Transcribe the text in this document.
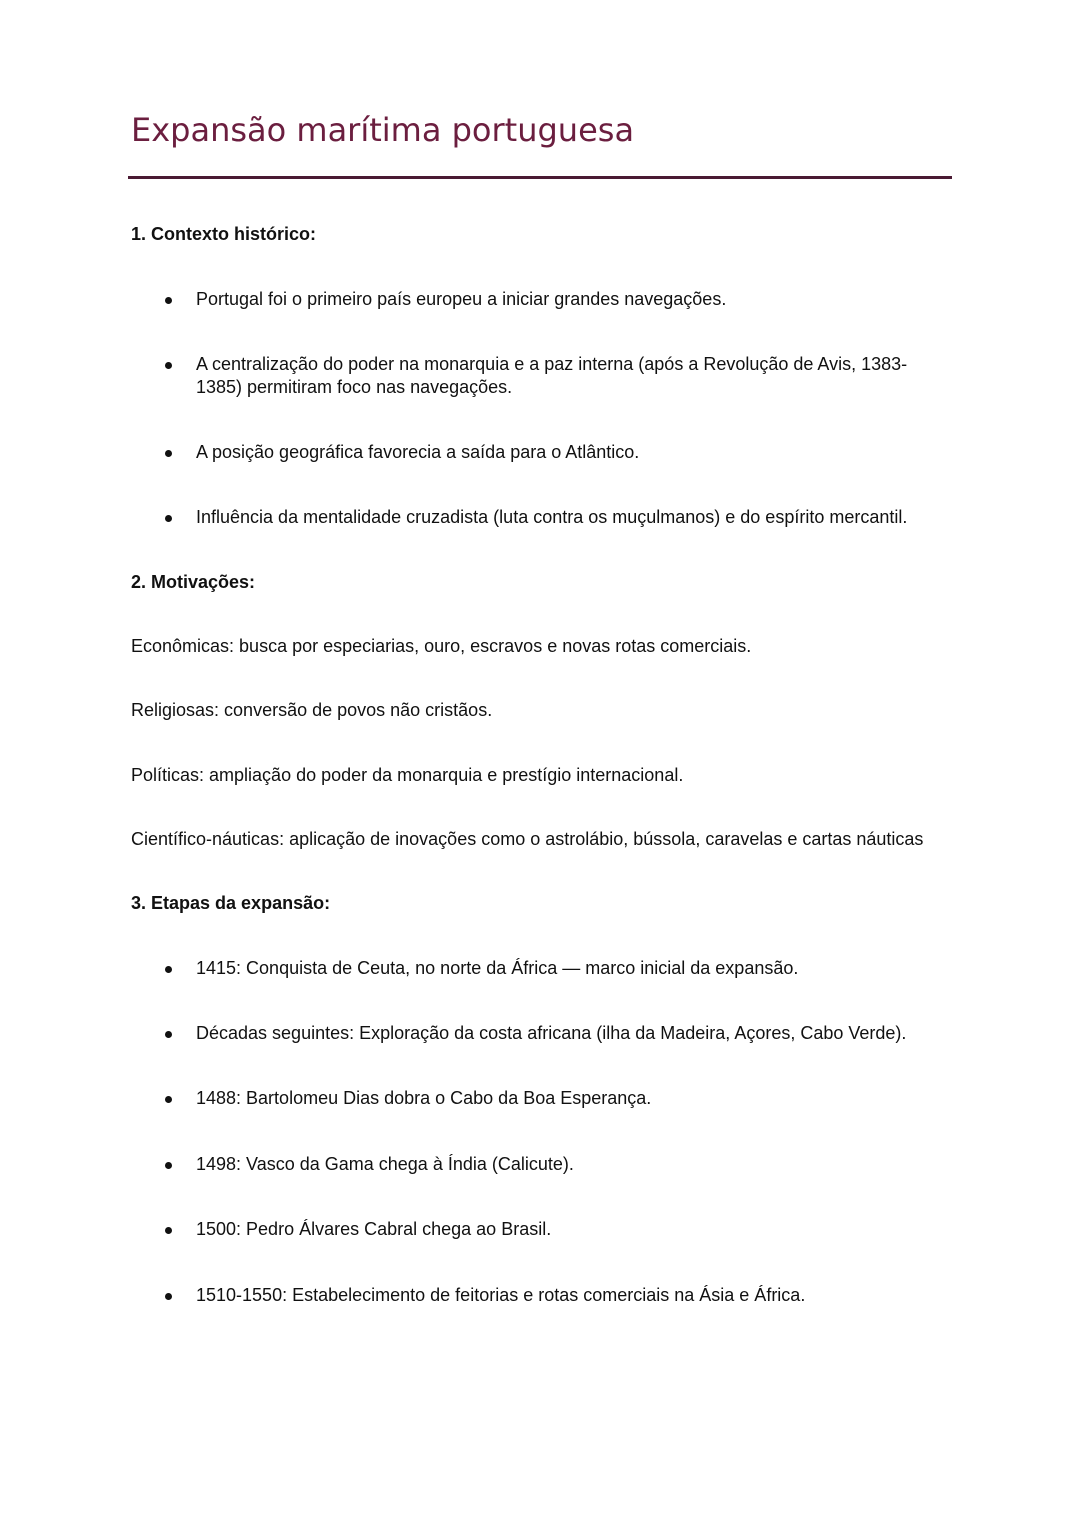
Expansão marítima portuguesa
1. Contexto histórico:
Portugal foi o primeiro país europeu a iniciar grandes navegações.
A centralização do poder na monarquia e a paz interna (após a Revolução de Avis, 1383-1385) permitiram foco nas navegações.
A posição geográfica favorecia a saída para o Atlântico.
Influência da mentalidade cruzadista (luta contra os muçulmanos) e do espírito mercantil.
2. Motivações:

Econômicas: busca por especiarias, ouro, escravos e novas rotas comerciais.

Religiosas: conversão de povos não cristãos.

Políticas: ampliação do poder da monarquia e prestígio internacional.

Científico-náuticas: aplicação de inovações como o astrolábio, bússola, caravelas e cartas náuticas

3. Etapas da expansão:
1415: Conquista de Ceuta, no norte da África — marco inicial da expansão.
Décadas seguintes: Exploração da costa africana (ilha da Madeira, Açores, Cabo Verde).
1488: Bartolomeu Dias dobra o Cabo da Boa Esperança.
1498: Vasco da Gama chega à Índia (Calicute).
1500: Pedro Álvares Cabral chega ao Brasil.
1510-1550: Estabelecimento de feitorias e rotas comerciais na Ásia e África.
